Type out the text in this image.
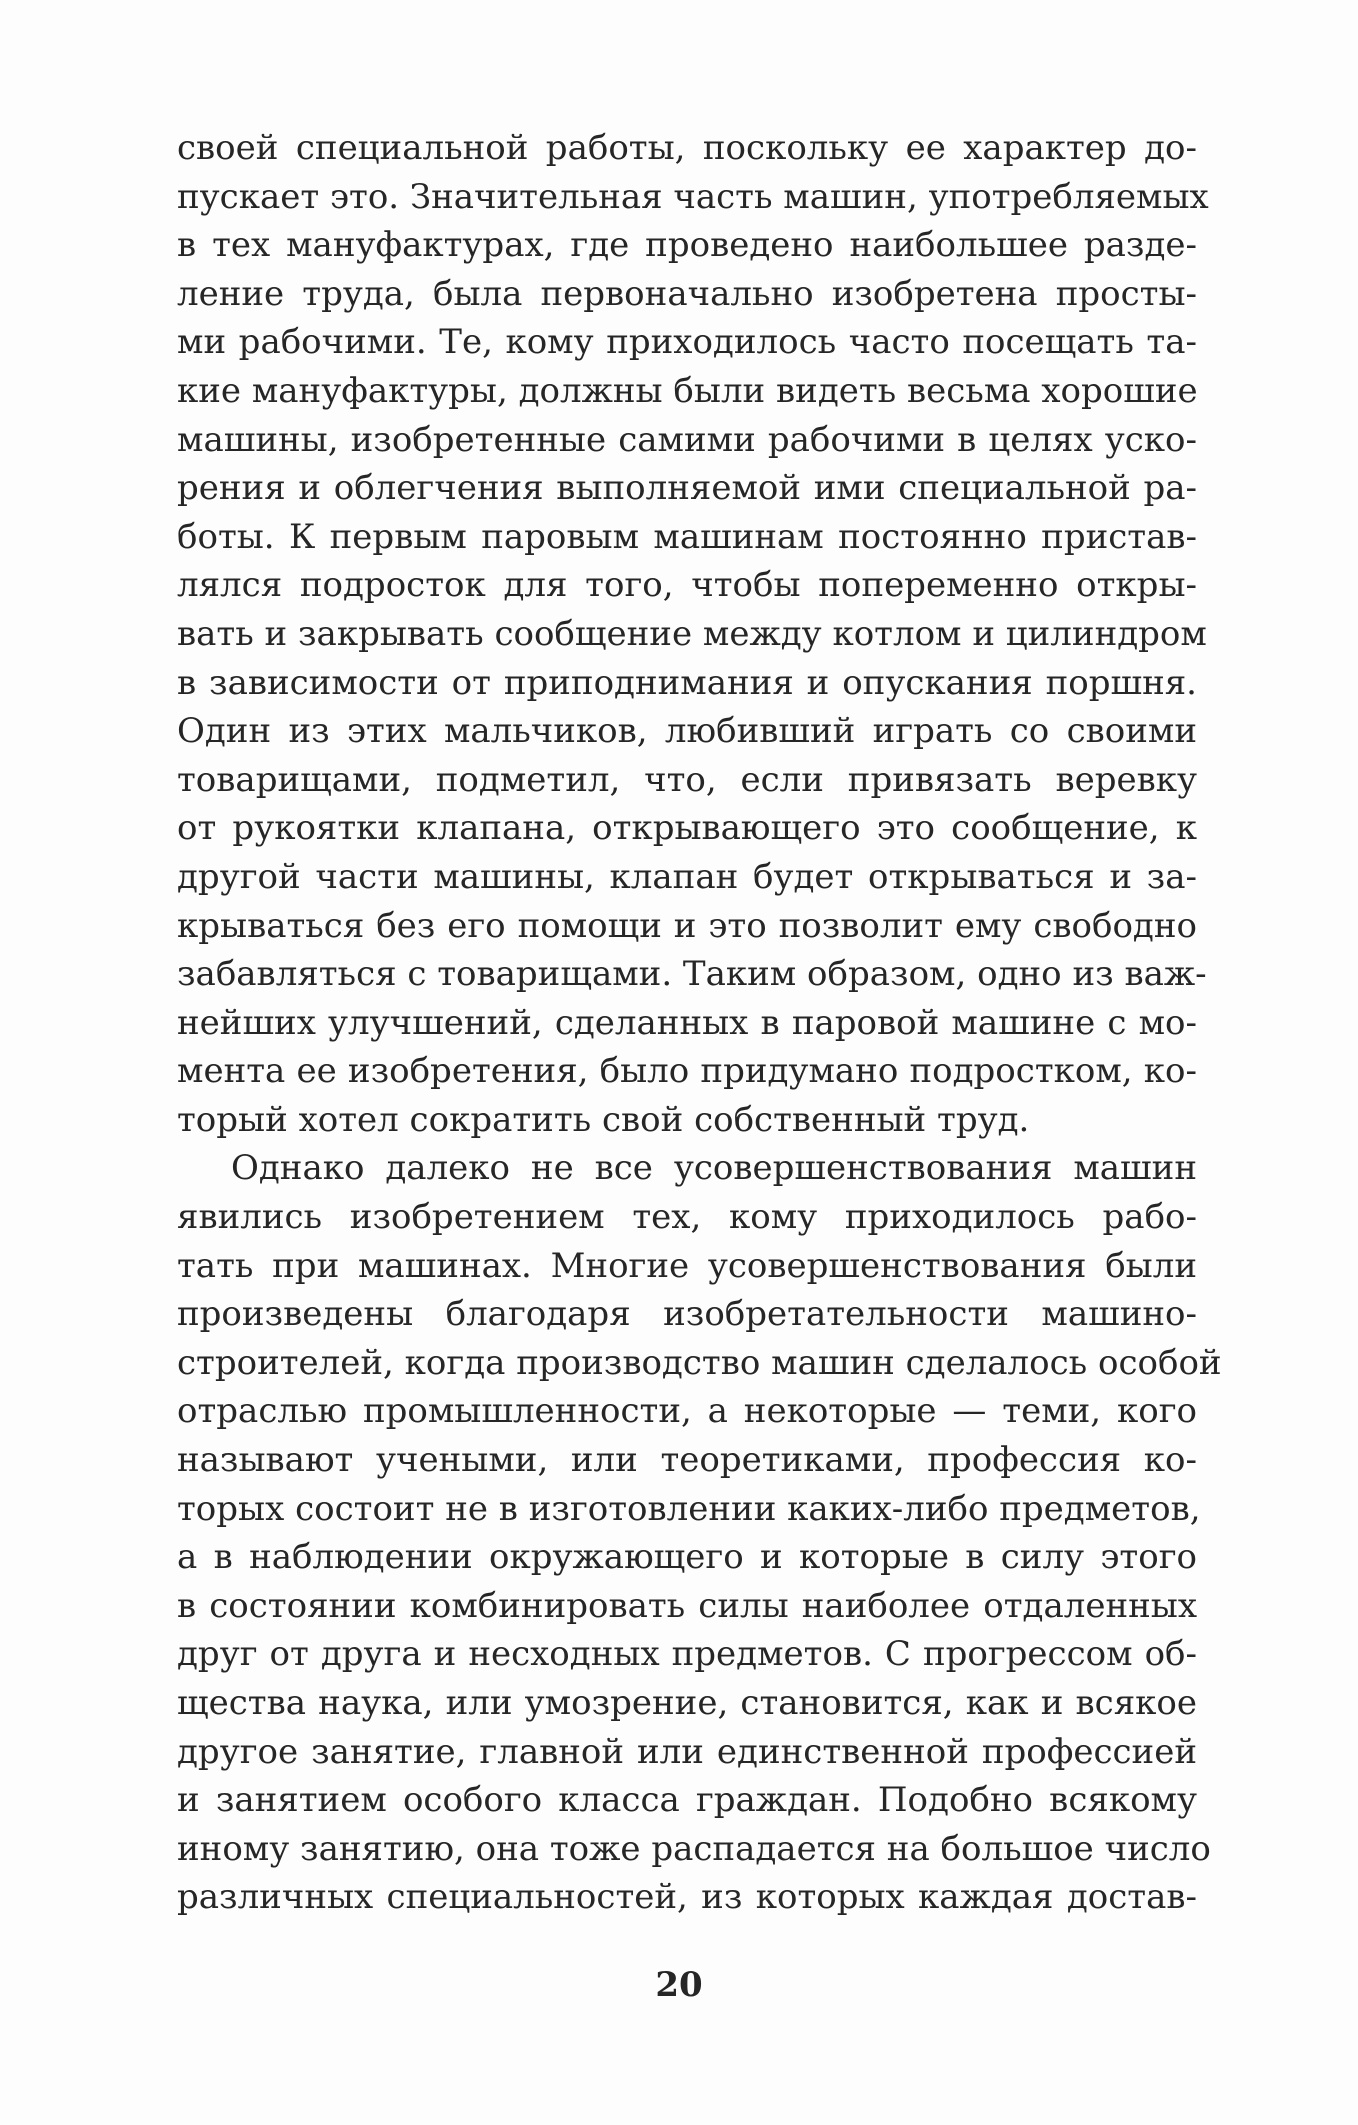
своей специальной работы, поскольку ее характер до-
пускает это. Значительная часть машин, употребляемых
в тех мануфактурах, где проведено наибольшее разде-
ление труда, была первоначально изобретена просты-
ми рабочими. Те, кому приходилось часто посещать та-
кие мануфактуры, должны были видеть весьма хорошие
машины, изобретенные самими рабочими в целях уско-
рения и облегчения выполняемой ими специальной ра-
боты. К первым паровым машинам постоянно пристав-
лялся подросток для того, чтобы попеременно откры-
вать и закрывать сообщение между котлом и цилиндром
в зависимости от приподнимания и опускания поршня.
Один из этих мальчиков, любивший играть со своими
товарищами, подметил, что, если привязать веревку
от рукоятки клапана, открывающего это сообщение, к
другой части машины, клапан будет открываться и за-
крываться без его помощи и это позволит ему свободно
забавляться с товарищами. Таким образом, одно из важ-
нейших улучшений, сделанных в паровой машине с мо-
мента ее изобретения, было придумано подростком, ко-
торый хотел сократить свой собственный труд.
Однако далеко не все усовершенствования машин
явились изобретением тех, кому приходилось рабо-
тать при машинах. Многие усовершенствования были
произведены благодаря изобретательности машино-
строителей, когда производство машин сделалось особой
отраслью промышленности, а некоторые — теми, кого
называют учеными, или теоретиками, профессия ко-
торых состоит не в изготовлении каких-либо предметов,
а в наблюдении окружающего и которые в силу этого
в состоянии комбинировать силы наиболее отдаленных
друг от друга и несходных предметов. С прогрессом об-
щества наука, или умозрение, становится, как и всякое
другое занятие, главной или единственной профессией
и занятием особого класса граждан. Подобно всякому
иному занятию, она тоже распадается на большое число
различных специальностей, из которых каждая достав-
20
